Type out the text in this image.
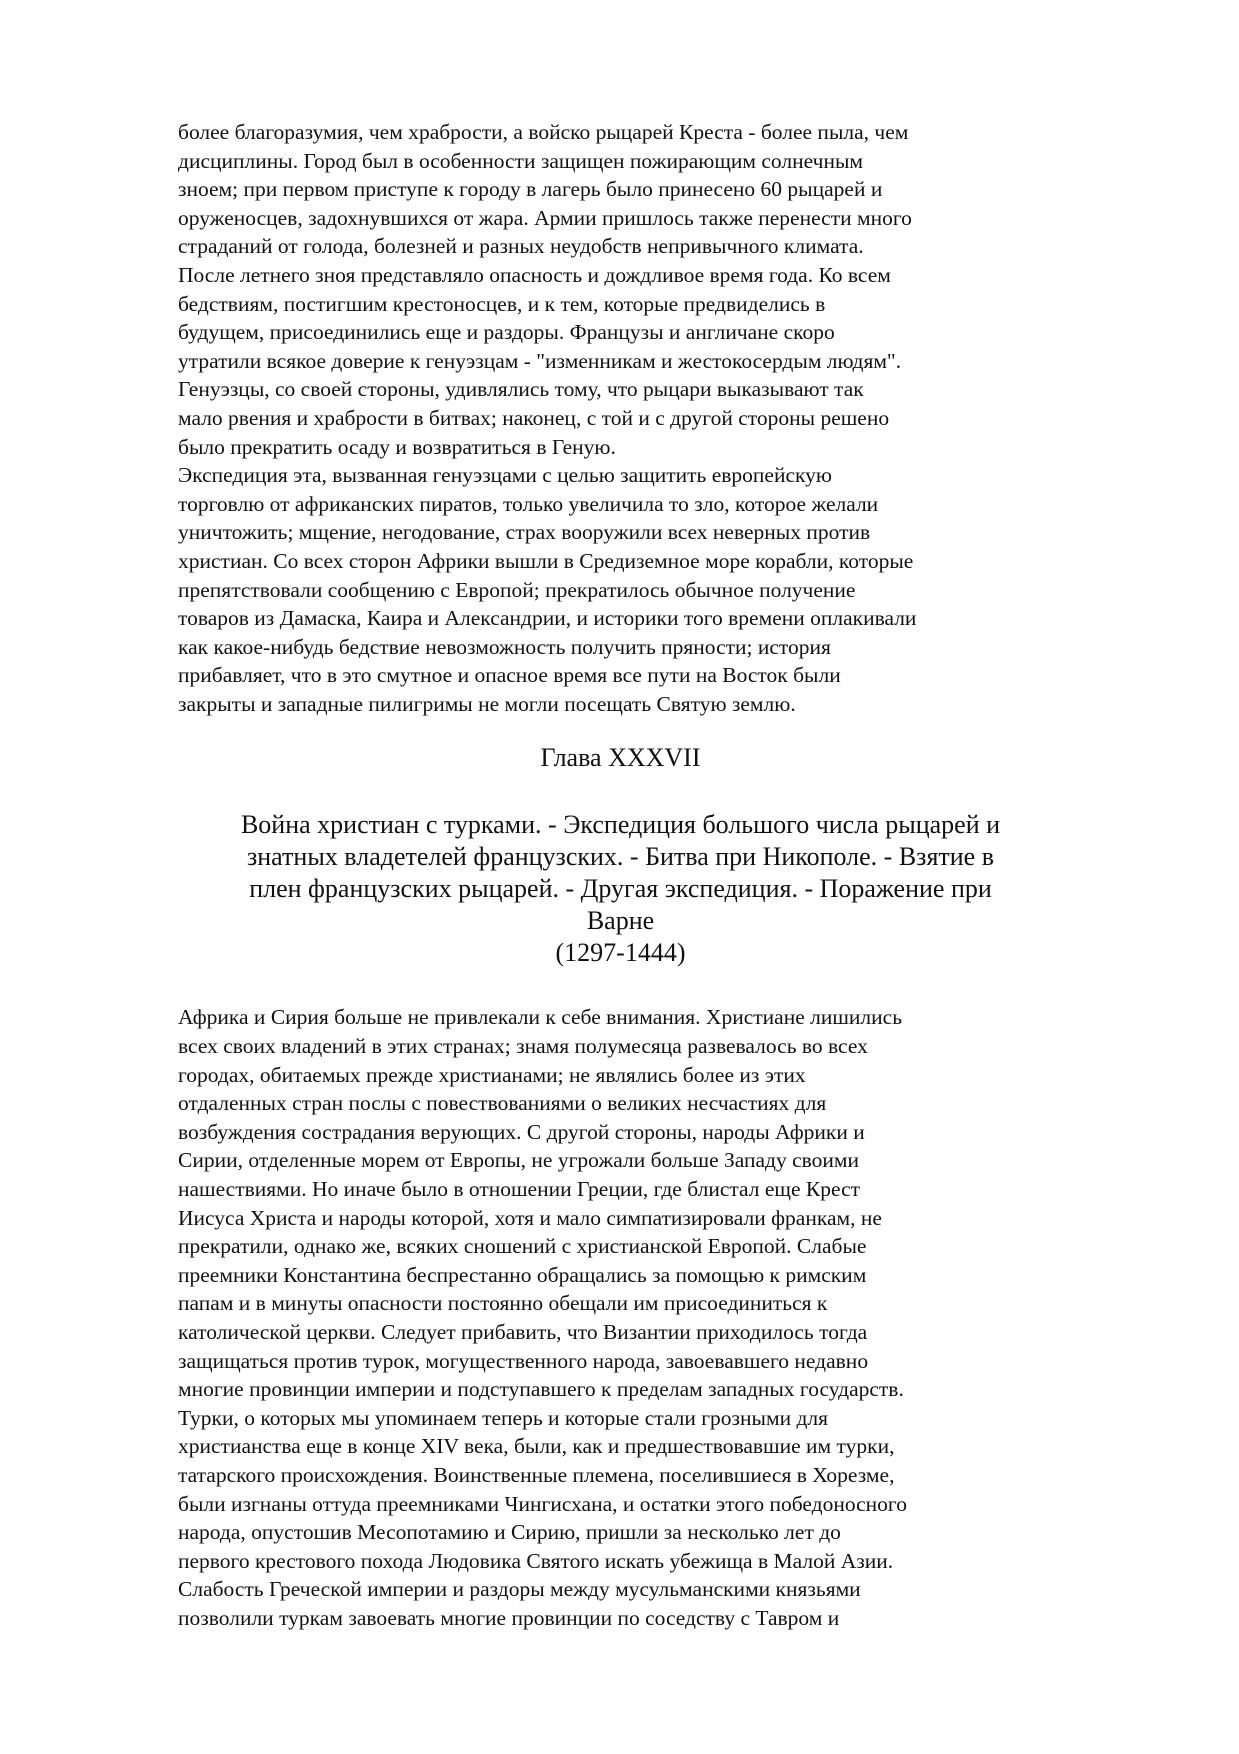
более благоразумия, чем храбрости, а войско рыцарей Креста - более пыла, чем
дисциплины. Город был в особенности защищен пожирающим солнечным
зноем; при первом приступе к городу в лагерь было принесено 60 рыцарей и
оруженосцев, задохнувшихся от жара. Армии пришлось также перенести много
страданий от голода, болезней и разных неудобств непривычного климата.
После летнего зноя представляло опасность и дождливое время года. Ко всем
бедствиям, постигшим крестоносцев, и к тем, которые предвиделись в
будущем, присоединились еще и раздоры. Французы и англичане скоро
утратили всякое доверие к генуэзцам - "изменникам и жестокосердым людям".
Генуэзцы, со своей стороны, удивлялись тому, что рыцари выказывают так
мало рвения и храбрости в битвах; наконец, с той и с другой стороны решено
было прекратить осаду и возвратиться в Геную.
Экспедиция эта, вызванная генуэзцами с целью защитить европейскую
торговлю от африканских пиратов, только увеличила то зло, которое желали
уничтожить; мщение, негодование, страх вооружили всех неверных против
христиан. Со всех сторон Африки вышли в Средиземное море корабли, которые
препятствовали сообщению с Европой; прекратилось обычное получение
товаров из Дамаска, Каира и Александрии, и историки того времени оплакивали
как какое-нибудь бедствие невозможность получить пряности; история
прибавляет, что в это смутное и опасное время все пути на Восток были
закрыты и западные пилигримы не могли посещать Святую землю.
Глава XXXVII
Война христиан с турками. - Экспедиция большого числа рыцарей и
знатных владетелей французских. - Битва при Никополе. - Взятие в
плен французских рыцарей. - Другая экспедиция. - Поражение при
Варне
(1297-1444)
Африка и Сирия больше не привлекали к себе внимания. Христиане лишились
всех своих владений в этих странах; знамя полумесяца развевалось во всех
городах, обитаемых прежде христианами; не являлись более из этих
отдаленных стран послы с повествованиями о великих несчастиях для
возбуждения сострадания верующих. С другой стороны, народы Африки и
Сирии, отделенные морем от Европы, не угрожали больше Западу своими
нашествиями. Но иначе было в отношении Греции, где блистал еще Крест
Иисуса Христа и народы которой, хотя и мало симпатизировали франкам, не
прекратили, однако же, всяких сношений с христианской Европой. Слабые
преемники Константина беспрестанно обращались за помощью к римским
папам и в минуты опасности постоянно обещали им присоединиться к
католической церкви. Следует прибавить, что Византии приходилось тогда
защищаться против турок, могущественного народа, завоевавшего недавно
многие провинции империи и подступавшего к пределам западных государств.
Турки, о которых мы упоминаем теперь и которые стали грозными для
христианства еще в конце XIV века, были, как и предшествовавшие им турки,
татарского происхождения. Воинственные племена, поселившиеся в Хорезме,
были изгнаны оттуда преемниками Чингисхана, и остатки этого победоносного
народа, опустошив Месопотамию и Сирию, пришли за несколько лет до
первого крестового похода Людовика Святого искать убежища в Малой Азии.
Слабость Греческой империи и раздоры между мусульманскими князьями
позволили туркам завоевать многие провинции по соседству с Тавром и
